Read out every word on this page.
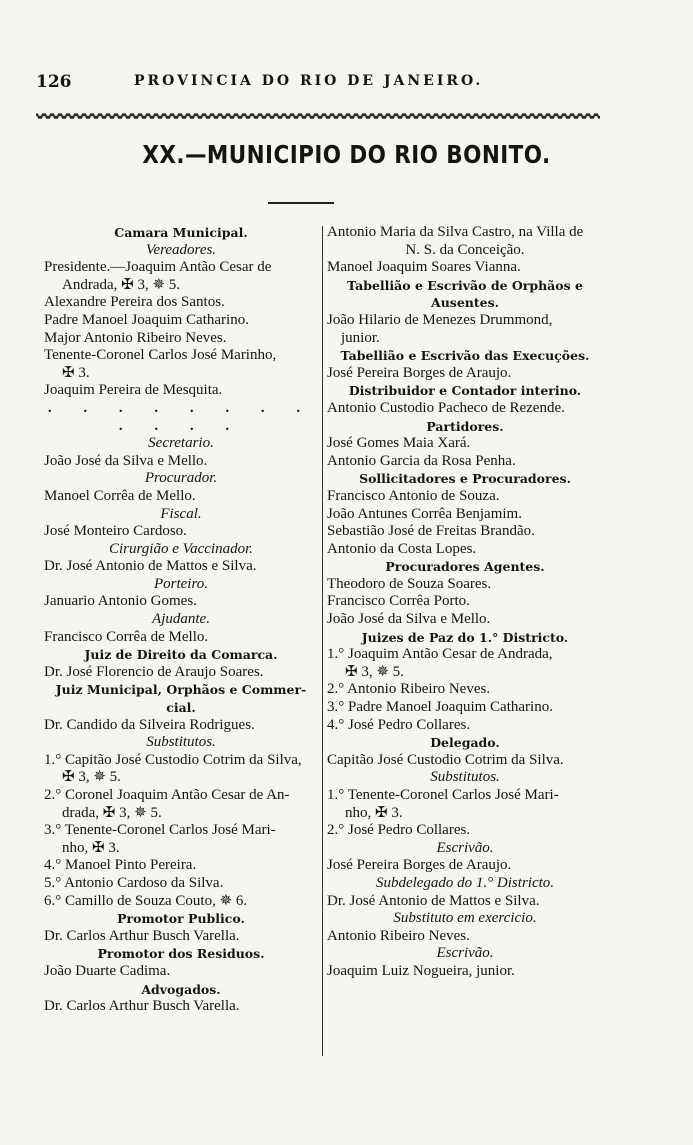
126	PROVINCIA DO RIO DE JANEIRO.
XX.—MUNICIPIO DO RIO BONITO.
Camara Municipal.
Vereadores.
Presidente.—Joaquim Antão Cesar de
Andrada, ✠ 3, ✵ 5.
Alexandre Pereira dos Santos.
Padre Manoel Joaquim Catharino.
Major Antonio Ribeiro Neves.
Tenente-Coronel Carlos José Marinho,
✠ 3.
Joaquim Pereira de Mesquita.
. . . . . . . . . . . .
Secretario.
João José da Silva e Mello.
Procurador.
Manoel Corrêa de Mello.
Fiscal.
José Monteiro Cardoso.
Cirurgião e Vaccinador.
Dr. José Antonio de Mattos e Silva.
Porteiro.
Januario Antonio Gomes.
Ajudante.
Francisco Corrêa de Mello.
Juiz de Direito da Comarca.
Dr. José Florencio de Araujo Soares.
Juiz Municipal, Orphãos e Commer-
cial.
Dr. Candido da Silveira Rodrigues.
Substitutos.
1.° Capitão José Custodio Cotrim da Silva,
✠ 3, ✵ 5.
2.° Coronel Joaquim Antão Cesar de An-
drada, ✠ 3, ✵ 5.
3.° Tenente-Coronel Carlos José Mari-
nho, ✠ 3.
4.° Manoel Pinto Pereira.
5.° Antonio Cardoso da Silva.
6.° Camillo de Souza Couto, ✵ 6.
Promotor Publico.
Dr. Carlos Arthur Busch Varella.
Promotor dos Residuos.
João Duarte Cadima.
Advogados.
Dr. Carlos Arthur Busch Varella.
Antonio Maria da Silva Castro, na Villa de
N. S. da Conceição.
Manoel Joaquim Soares Vianna.
Tabellião e Escrivão de Orphãos e
Ausentes.
João Hilario de Menezes Drummond,
junior.
Tabellião e Escrivão das Execuções.
José Pereira Borges de Araujo.
Distribuidor e Contador interino.
Antonio Custodio Pacheco de Rezende.
Partidores.
José Gomes Maia Xará.
Antonio Garcia da Rosa Penha.
Sollicitadores e Procuradores.
Francisco Antonio de Souza.
João Antunes Corrêa Benjamim.
Sebastião José de Freitas Brandão.
Antonio da Costa Lopes.
Procuradores Agentes.
Theodoro de Souza Soares.
Francisco Corrêa Porto.
João José da Silva e Mello.
Juizes de Paz do 1.° Districto.
1.° Joaquim Antão Cesar de Andrada,
✠ 3, ✵ 5.
2.° Antonio Ribeiro Neves.
3.° Padre Manoel Joaquim Catharino.
4.° José Pedro Collares.
Delegado.
Capitão José Custodio Cotrim da Silva.
Substitutos.
1.° Tenente-Coronel Carlos José Mari-
nho, ✠ 3.
2.° José Pedro Collares.
Escrivão.
José Pereira Borges de Araujo.
Subdelegado do 1.° Districto.
Dr. José Antonio de Mattos e Silva.
Substituto em exercicio.
Antonio Ribeiro Neves.
Escrivão.
Joaquim Luiz Nogueira, junior.
